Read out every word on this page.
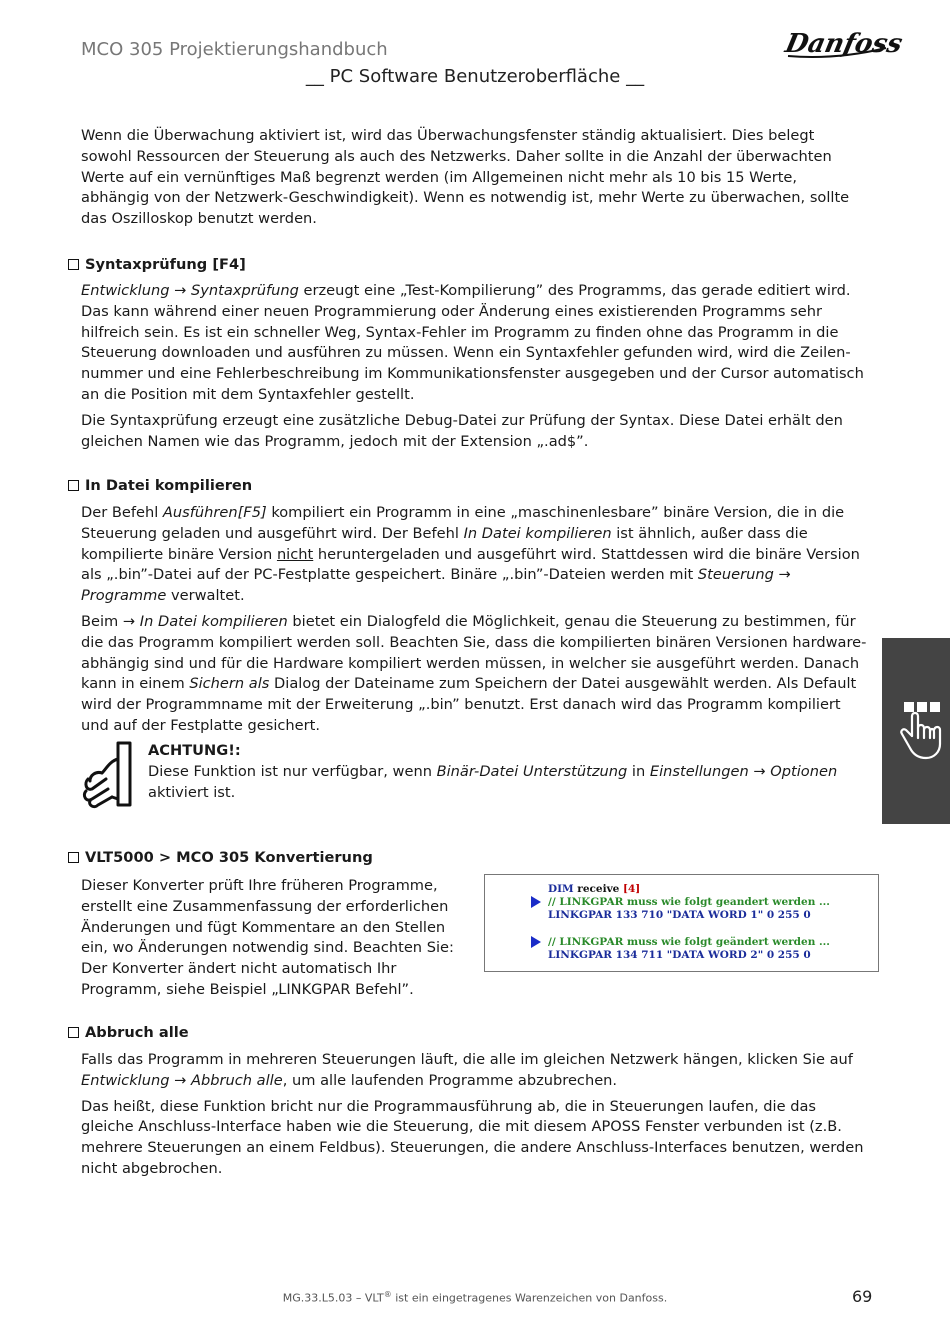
MCO 305 Projektierungshandbuch
__ PC Software Benutzeroberfläche __
Danfoss

Wenn die Überwachung aktiviert ist, wird das Überwachungsfenster ständig aktualisiert. Dies belegt sowohl Ressourcen der Steuerung als auch des Netzwerks. Daher sollte in die Anzahl der überwachten Werte auf ein vernünftiges Maß begrenzt werden (im Allgemeinen nicht mehr als 10 bis 15 Werte, abhängig von der Netzwerk-Geschwindigkeit). Wenn es notwendig ist, mehr Werte zu überwachen, sollte das Oszilloskop benutzt werden.

Syntaxprüfung [F4]

Entwicklung → Syntaxprüfung erzeugt eine „Test-Kompilierung” des Programms, das gerade editiert wird. Das kann während einer neuen Programmierung oder Änderung eines existierenden Programms sehr hilfreich sein. Es ist ein schneller Weg, Syntax-Fehler im Programm zu finden ohne das Programm in die Steuerung downloaden und ausführen zu müssen. Wenn ein Syntaxfehler gefunden wird, wird die Zeilen-nummer und eine Fehlerbeschreibung im Kommunikationsfenster ausgegeben und der Cursor automatisch an die Position mit dem Syntaxfehler gestellt.

Die Syntaxprüfung erzeugt eine zusätzliche Debug-Datei zur Prüfung der Syntax. Diese Datei erhält den gleichen Namen wie das Programm, jedoch mit der Extension „.ad$”.

In Datei kompilieren

Der Befehl Ausführen[F5] kompiliert ein Programm in eine „maschinenlesbare” binäre Version, die in die Steuerung geladen und ausgeführt wird. Der Befehl In Datei kompilieren ist ähnlich, außer dass die kompilierte binäre Version nicht heruntergeladen und ausgeführt wird. Stattdessen wird die binäre Version als „.bin”-Datei auf der PC-Festplatte gespeichert. Binäre „.bin”-Dateien werden mit Steuerung → Programme verwaltet.

Beim → In Datei kompilieren bietet ein Dialogfeld die Möglichkeit, genau die Steuerung zu bestimmen, für die das Programm kompiliert werden soll. Beachten Sie, dass die kompilierten binären Versionen hardware-abhängig sind und für die Hardware kompiliert werden müssen, in welcher sie ausgeführt werden. Danach kann in einem Sichern als Dialog der Dateiname zum Speichern der Datei ausgewählt werden. Als Default wird der Programmname mit der Erweiterung „.bin” benutzt. Erst danach wird das Programm kompiliert und auf der Festplatte gesichert.

ACHTUNG!:
Diese Funktion ist nur verfügbar, wenn Binär-Datei Unterstützung in Einstellungen → Optionen aktiviert ist.
VLT5000 > MCO 305 Konvertierung
Dieser Konverter prüft Ihre früheren Programme, erstellt eine Zusammenfassung der erforderlichen Änderungen und fügt Kommentare an den Stellen ein, wo Änderungen notwendig sind. Beachten Sie: Der Konverter ändert nicht automatisch Ihr Programm, siehe Beispiel „LINKGPAR Befehl”.
DIM receive [4]
// LINKGPAR muss wie folgt geandert werden ...
LINKGPAR 133 710 "DATA WORD 1" 0 255 0
// LINKGPAR muss wie folgt geändert werden ...
LINKGPAR 134 711 "DATA WORD 2" 0 255 0
Abbruch alle

Falls das Programm in mehreren Steuerungen läuft, die alle im gleichen Netzwerk hängen, klicken Sie auf Entwicklung → Abbruch alle, um alle laufenden Programme abzubrechen.

Das heißt, diese Funktion bricht nur die Programmausführung ab, die in Steuerungen laufen, die das gleiche Anschluss-Interface haben wie die Steuerung, die mit diesem APOSS Fenster verbunden ist (z.B. mehrere Steuerungen an einem Feldbus). Steuerungen, die andere Anschluss-Interfaces benutzen, werden nicht abgebrochen.

MG.33.L5.03 – VLT® ist ein eingetragenes Warenzeichen von Danfoss.	69
